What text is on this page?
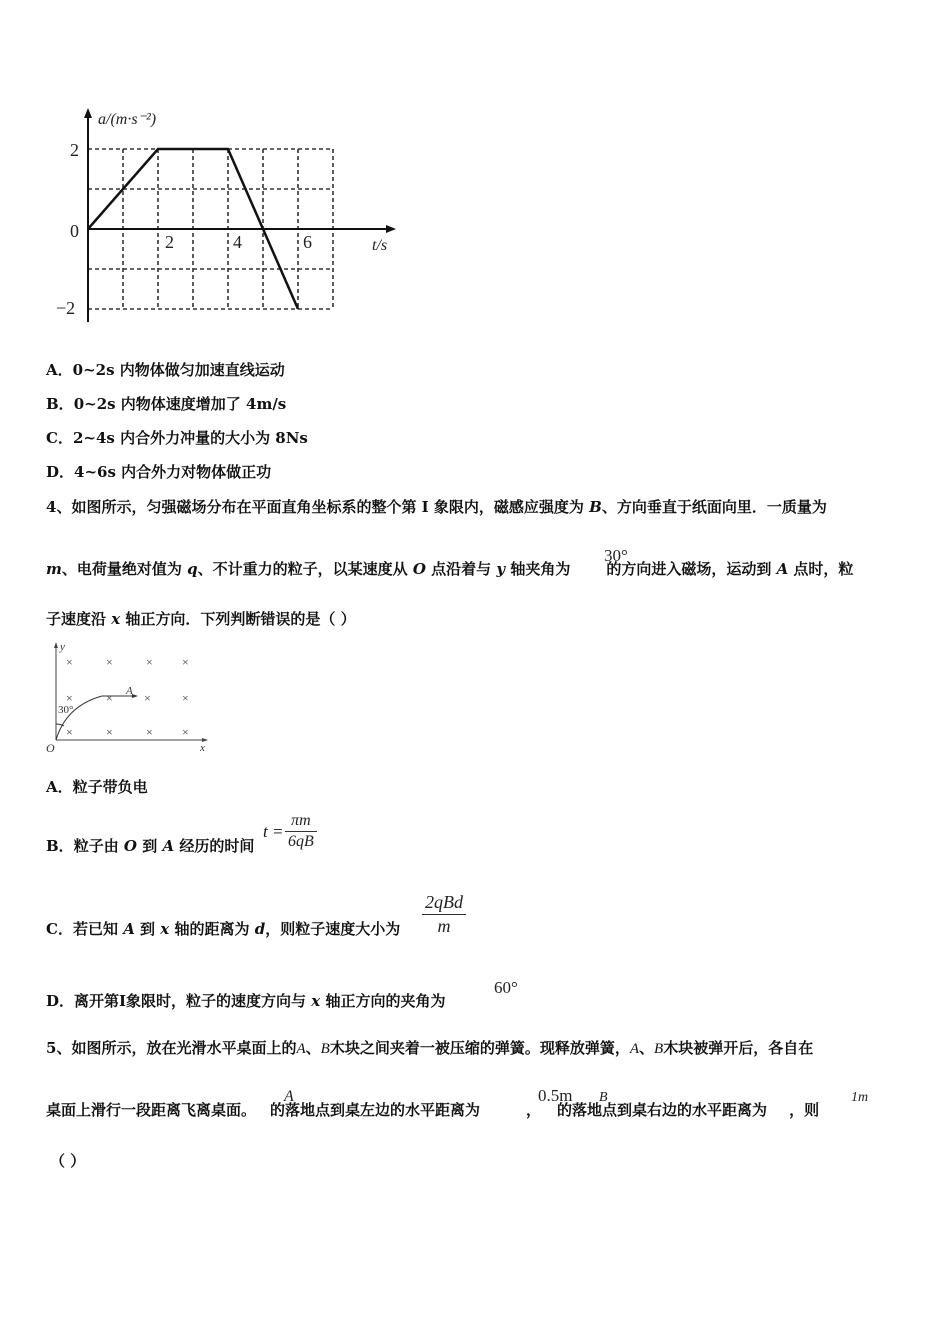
a/(m·s⁻²)
t/s
2
0
−2
2	4	6
A．0~2s 内物体做匀加速直线运动
B．0~2s 内物体速度增加了 4m/s
C．2~4s 内合外力冲量的大小为 8Ns
D．4~6s 内合外力对物体做正功
4、如图所示，匀强磁场分布在平面直角坐标系的整个第 I 象限内，磁感应强度为 B、方向垂直于纸面向里．一质量为
m、电荷量绝对值为 q、不计重力的粒子，以某速度从 O 点沿着与 y 轴夹角为 的方向进入磁场，运动到 A 点时，粒
30°
子速度沿 x 轴正方向．下列判断错误的是（ ）
y
x
O
×	×	× ×
×	×	×
×	×	× ×
×
A
30°
A．粒子带负电
B．粒子由 O 到 A 经历的时间
t =
πm
6qB
C．若已知 A 到 x 轴的距离为 d，则粒子速度大小为
2qBd
m
D．离开第Ⅰ象限时，粒子的速度方向与 x 轴正方向的夹角为
60°
5、如图所示，放在光滑水平桌面上的A、B木块之间夹着一被压缩的弹簧。现释放弹簧，A、B木块被弹开后，各自在
桌面上滑行一段距离飞离桌面。 的落地点到桌左边的水平距离为	， 的落地点到桌右边的水平距离为 ，则
A	0.5m B	1m
（ ）
